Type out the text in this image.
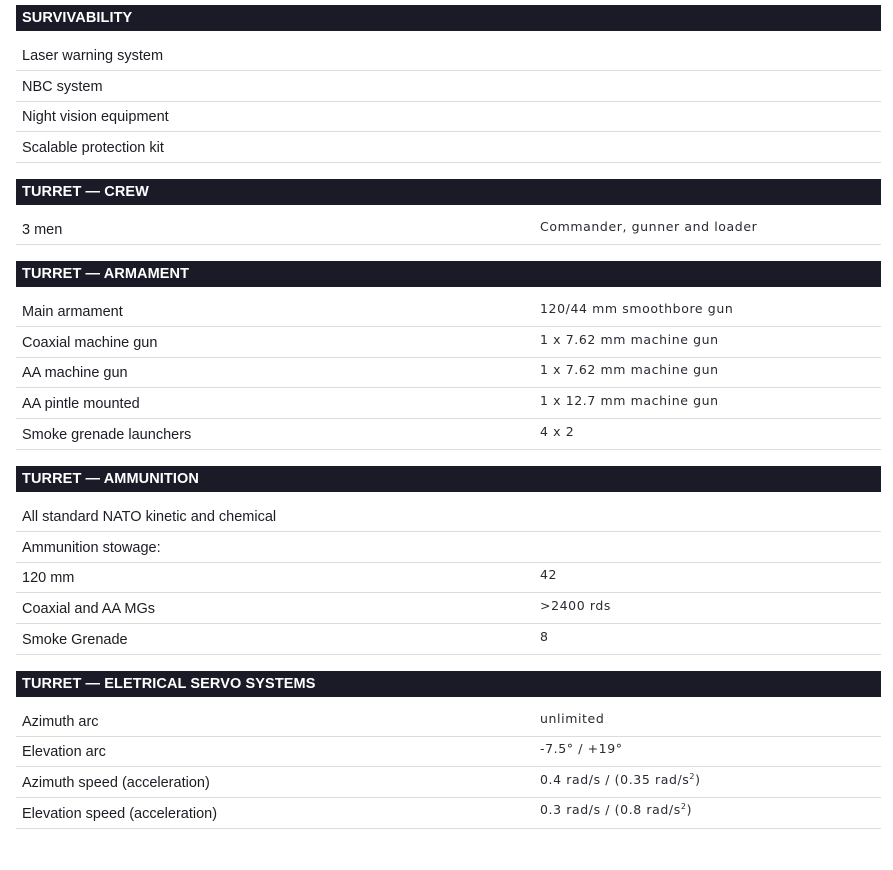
SURVIVABILITY
Laser warning system
NBC system
Night vision equipment
Scalable protection kit
TURRET — CREW
3 men	Commander, gunner and loader
TURRET — ARMAMENT
Main armament	120/44 mm smoothbore gun
Coaxial machine gun	1 x 7.62 mm machine gun
AA machine gun	1 x 7.62 mm machine gun
AA pintle mounted	1 x 12.7 mm machine gun
Smoke grenade launchers	4 x 2
TURRET — AMMUNITION
All standard NATO kinetic and chemical
Ammunition stowage:
120 mm	42
Coaxial and AA MGs	>2400 rds
Smoke Grenade	8
TURRET — ELETRICAL SERVO SYSTEMS
Azimuth arc	unlimited
Elevation arc	-7.5° / +19°
Azimuth speed (acceleration)	0.4 rad/s / (0.35 rad/$s^2$)
Elevation speed (acceleration)	0.3 rad/s / (0.8 rad/$s^2$)
